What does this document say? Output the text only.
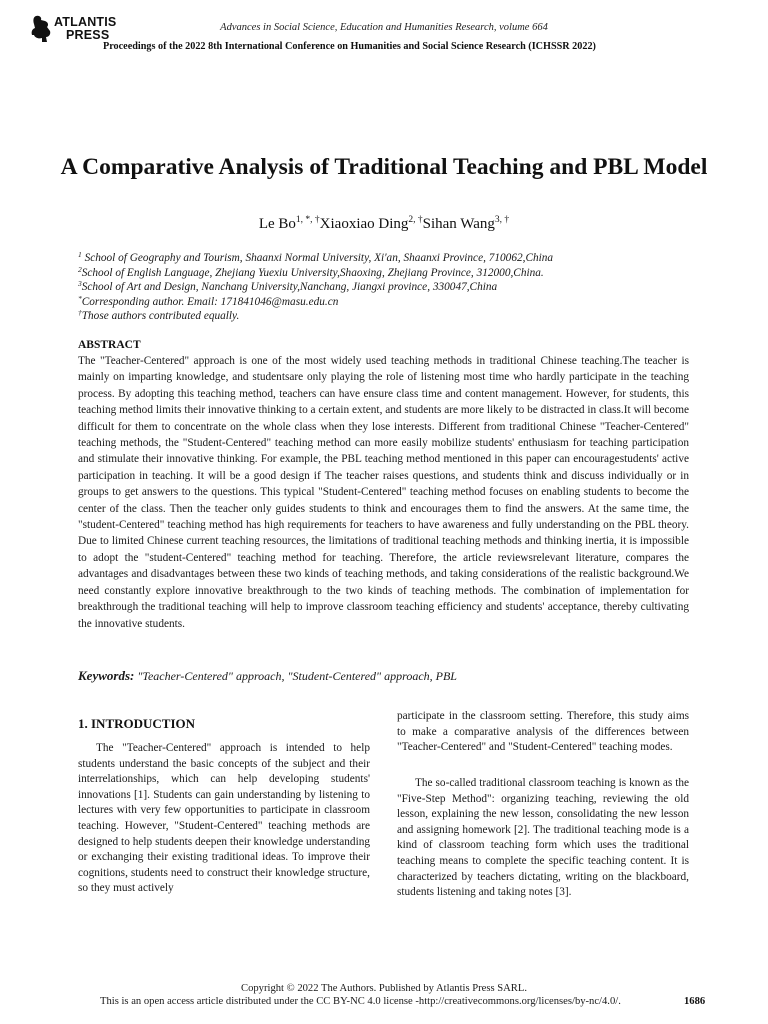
ATLANTIS
PRESS
Advances in Social Science, Education and Humanities Research, volume 664
Proceedings of the 2022 8th International Conference on Humanities and Social Science Research (ICHSSR 2022)
A Comparative Analysis of Traditional Teaching and PBL Model
Le $Bo^{1, *, \dagger}Xiaoxiao$ Ding$^{2, \dagger}$Sihan Wang$^{3, \dagger}$
$^1$ School of Geography and Tourism, Shaanxi Normal University, Xi'an, Shaanxi Province, 710062,China
$^2$School of English Language, Zhejiang Yuexiu University,Shaoxing, Zhejiang Province, 312000,China.
$^3$School of Art and Design, Nanchang University,Nanchang, Jiangxi province, 330047,China
*Corresponding author. Email: 171841046@masu.edu.cn
†Those authors contributed equally.
ABSTRACT
The "Teacher-Centered" approach is one of the most widely used teaching methods in traditional Chinese teaching.The teacher is mainly on imparting knowledge, and studentsare only playing the role of listening most time who hardly participate in the teaching process. By adopting this teaching method, teachers can have ensure class time and content management. However, for students, this teaching method limits their innovative thinking to a certain extent, and students are more likely to be distracted in class.It will become difficult for them to concentrate on the whole class when they lose interests. Different from traditional Chinese "Teacher-Centered" teaching methods, the "Student-Centered" teaching method can more easily mobilize students' enthusiasm for teaching participation and stimulate their innovative thinking. For example, the PBL teaching method mentioned in this paper can encouragestudents' active participation in teaching. It will be a good design if The teacher raises questions, and students think and discuss individually or in groups to get answers to the questions. This typical "Student-Centered" teaching method focuses on enabling students to become the center of the class. Then the teacher only guides students to think and encourages them to find the answers. At the same time, the "student-Centered" teaching method has high requirements for teachers to have awareness and fully understanding on the PBL theory. Due to limited Chinese current teaching resources, the limitations of traditional teaching methods and thinking inertia, it is impossible to adopt the "student-Centered" teaching method for teaching. Therefore, the article reviewsrelevant literature, compares the advantages and disadvantages between these two kinds of teaching methods, and taking considerations of the realistic background.We need constantly explore innovative breakthrough to the two kinds of teaching methods. The combination of implementation for breakthrough the traditional teaching will help to improve classroom teaching efficiency and students' acceptance, thereby cultivating the innovative students.
Keywords: "Teacher-Centered" approach, "Student-Centered" approach, PBL
1. INTRODUCTION
The "Teacher-Centered" approach is intended to help students understand the basic concepts of the subject and their interrelationships, which can help developing students' innovations [1]. Students can gain understanding by listening to lectures with very few opportunities to participate in classroom teaching. However, "Student-Centered" teaching methods are designed to help students deepen their knowledge understanding or exchanging their existing traditional ideas. To improve their cognitions, students need to construct their knowledge structure, so they must actively
participate in the classroom setting. Therefore, this study aims to make a comparative analysis of the differences between "Teacher-Centered" and "Student-Centered" teaching modes.
The so-called traditional classroom teaching is known as the "Five-Step Method": organizing teaching, reviewing the old lesson, explaining the new lesson, consolidating the new lesson and assigning homework [2]. The traditional teaching mode is a kind of classroom teaching form which uses the traditional teaching means to complete the specific teaching content. It is characterized by teachers dictating, writing on the blackboard, students listening and taking notes [3].
Copyright © 2022 The Authors. Published by Atlantis Press SARL.
This is an open access article distributed under the CC BY-NC 4.0 license -http://creativecommons.org/licenses/by-nc/4.0/.	1686
